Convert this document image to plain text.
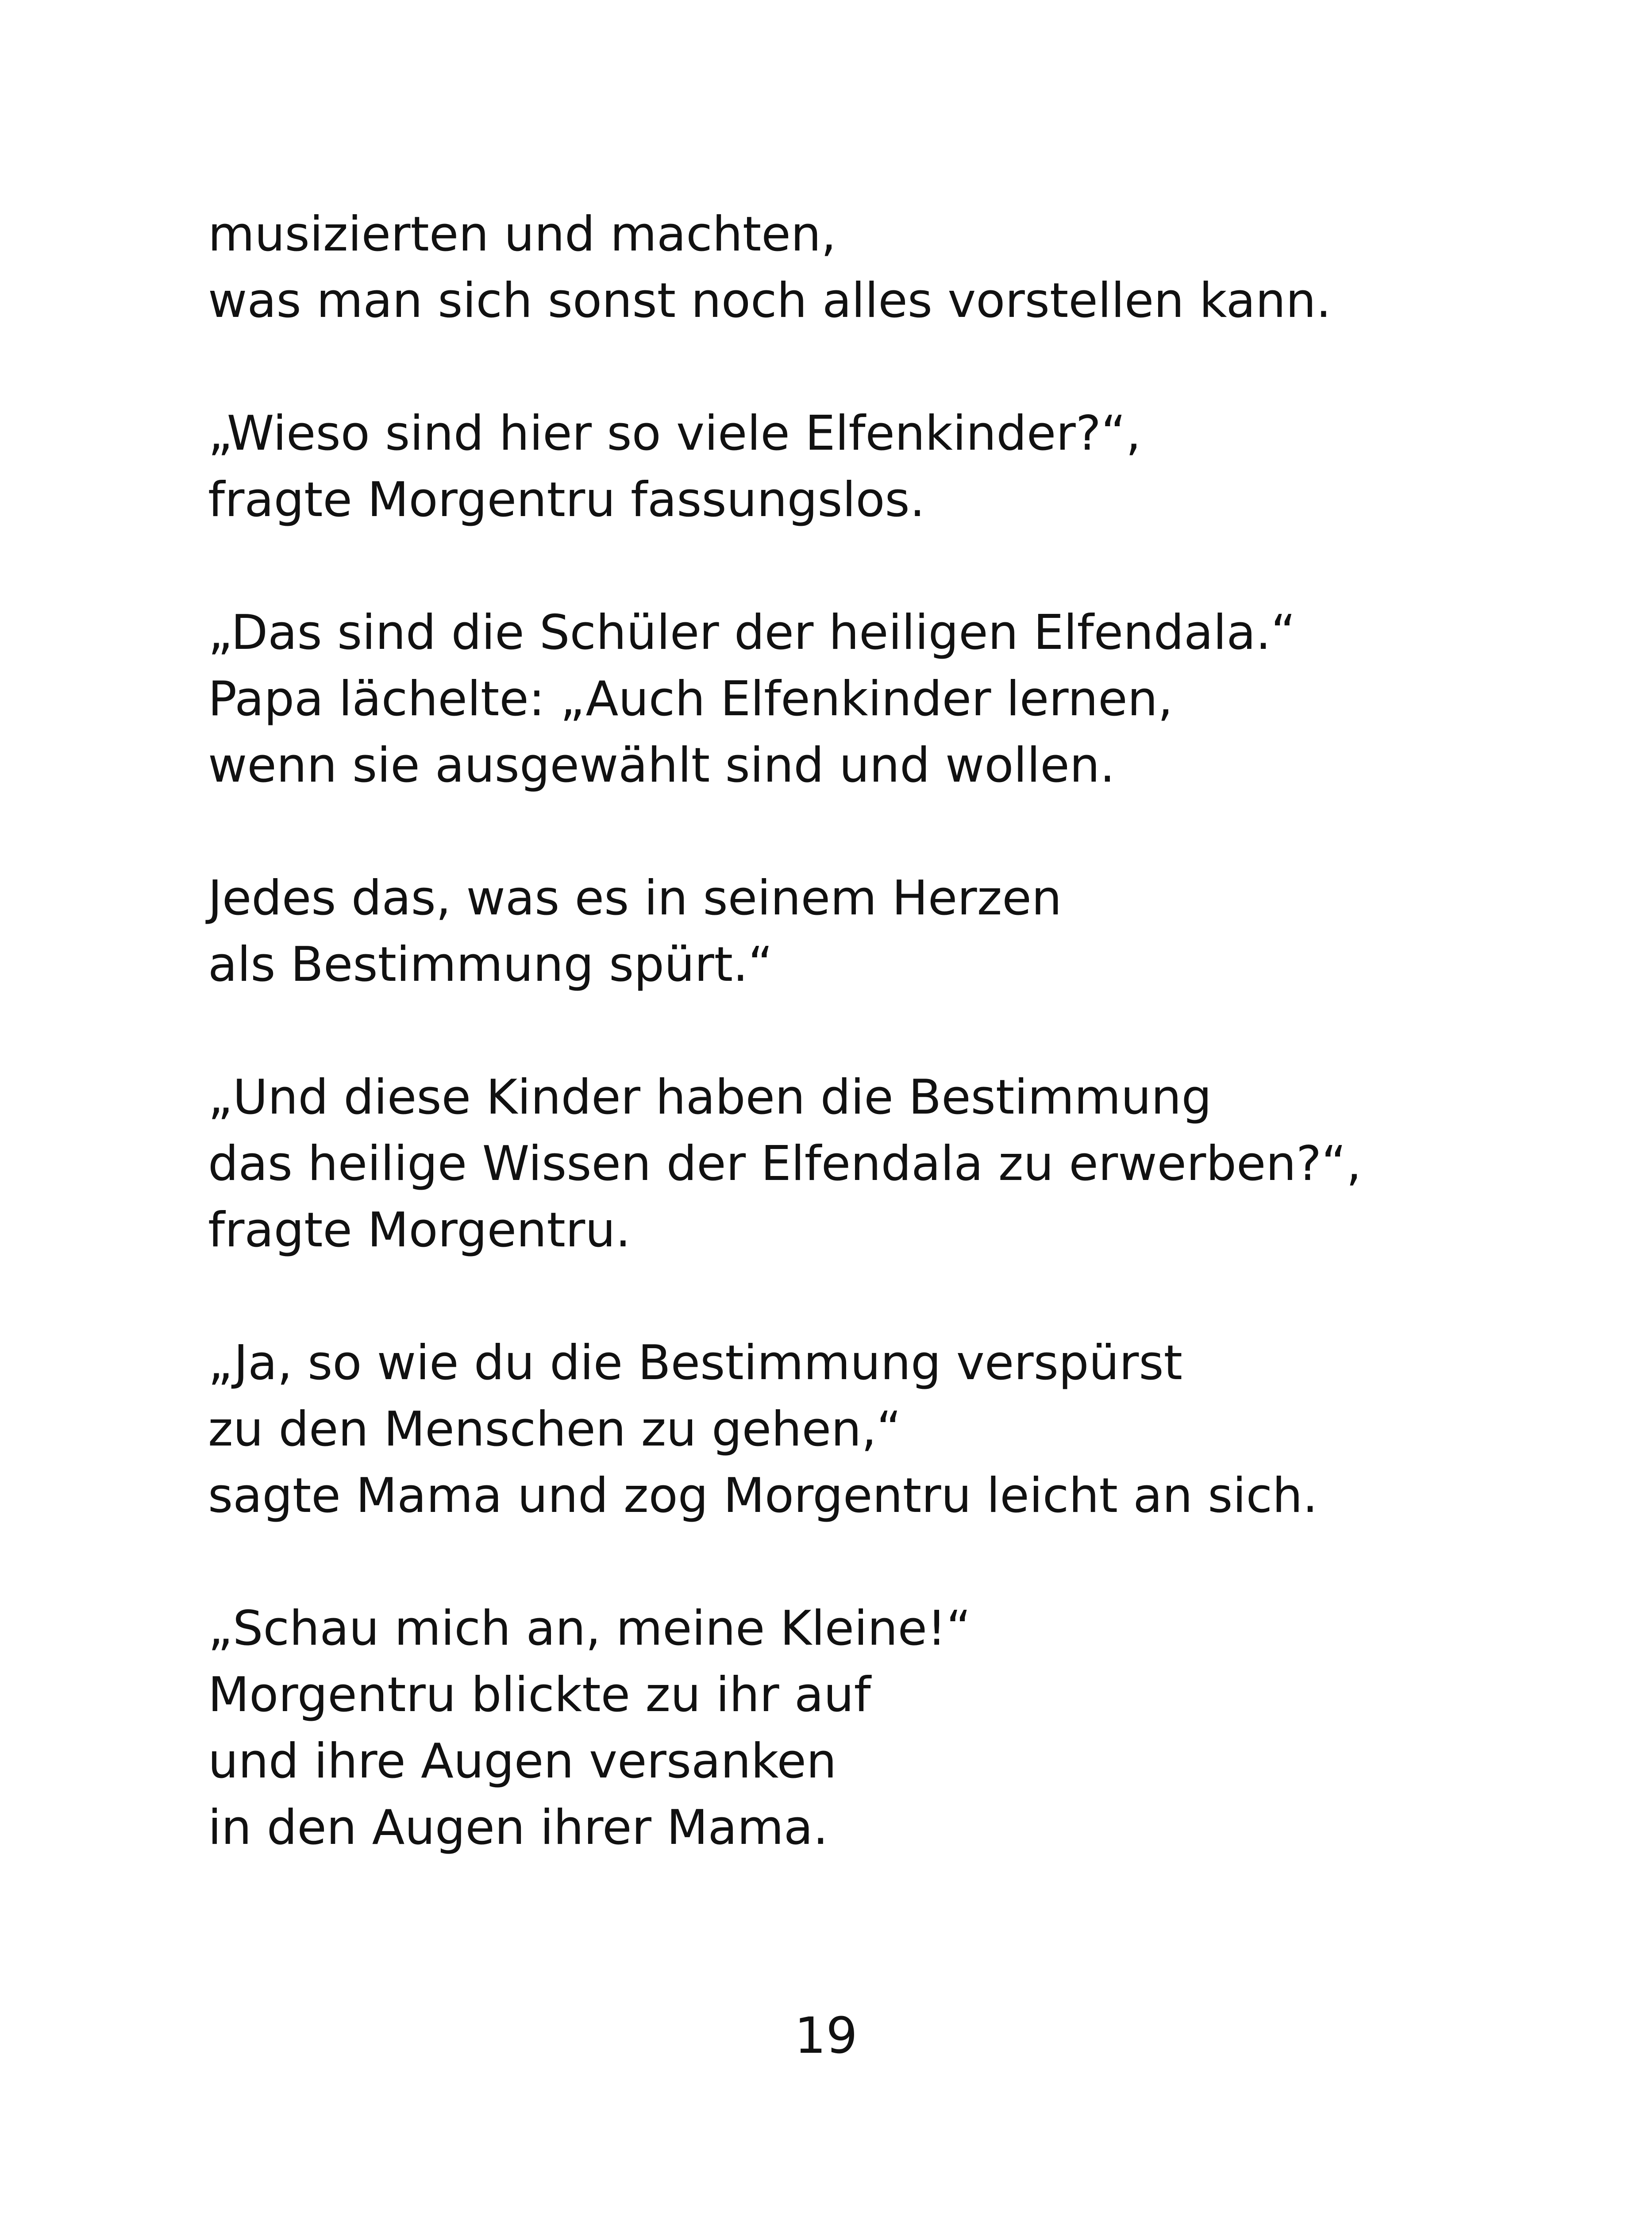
musizierten und machten,
was man sich sonst noch alles vorstellen kann.
„Wieso sind hier so viele Elfenkinder?“,
fragte Morgentru fassungslos.
„Das sind die Schüler der heiligen Elfendala.“
Papa lächelte: „Auch Elfenkinder lernen,
wenn sie ausgewählt sind und wollen.
Jedes das, was es in seinem Herzen
als Bestimmung spürt.“
„Und diese Kinder haben die Bestimmung
das heilige Wissen der Elfendala zu erwerben?“,
fragte Morgentru.
„Ja, so wie du die Bestimmung verspürst
zu den Menschen zu gehen,“
sagte Mama und zog Morgentru leicht an sich.
„Schau mich an, meine Kleine!“
Morgentru blickte zu ihr auf
und ihre Augen versanken
in den Augen ihrer Mama.
19
